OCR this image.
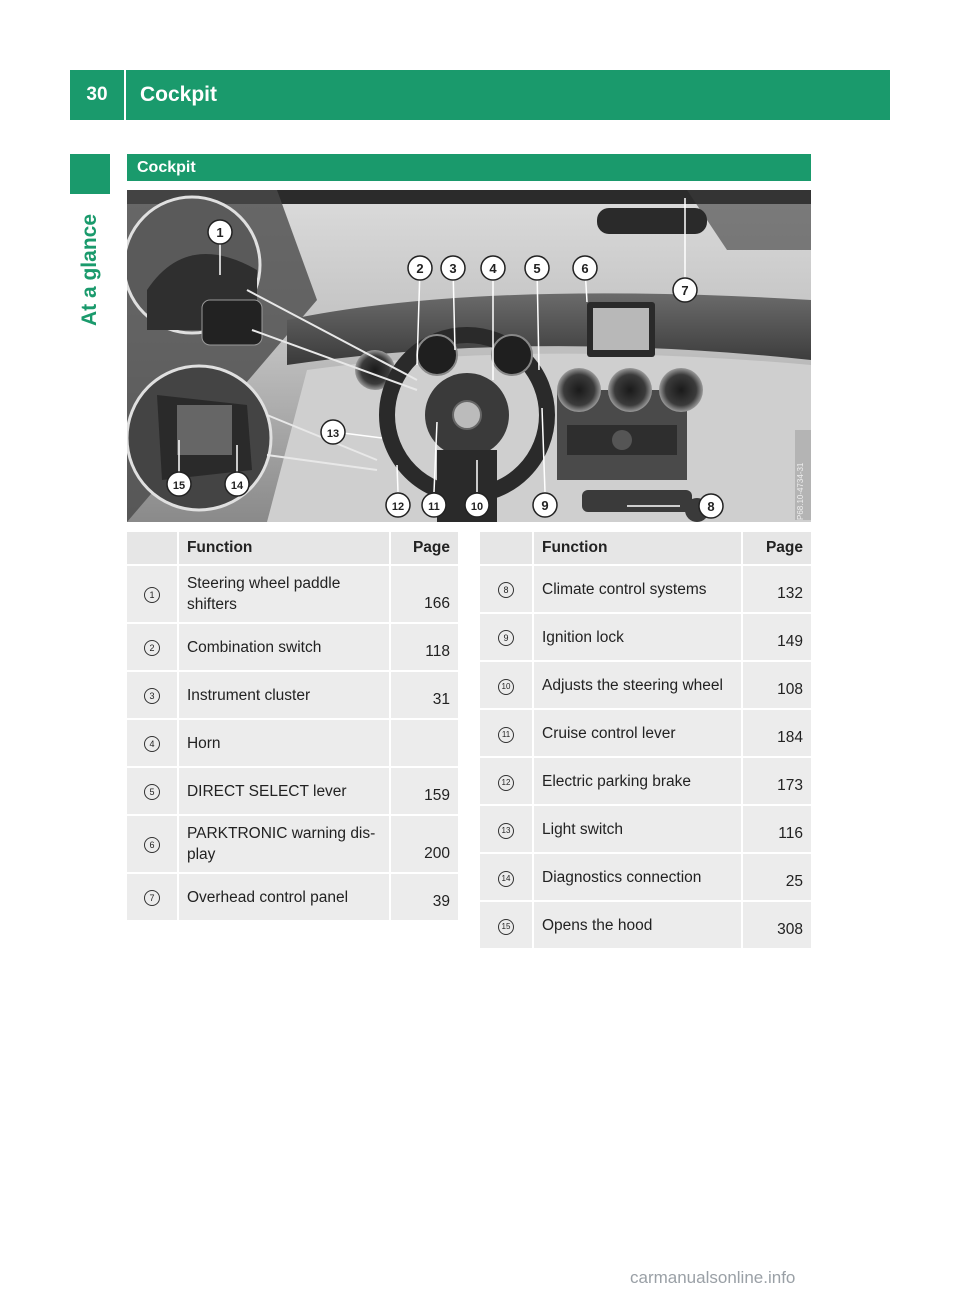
30	Cockpit
At a glance
Cockpit
P68.10-4734-31
1
2 3	4	5	6
7
8
9
10
11
12
13
14
15
	Function	Page
1	Steering wheel paddle shifters	166
2	Combination switch	118
3	Instrument cluster	31
4	Horn	
5	DIRECT SELECT lever	159
6	PARKTRONIC warning dis-play	200
7	Overhead control panel	39
	Function	Page
8	Climate control systems	132
9	Ignition lock	149
10	Adjusts the steering wheel	108
11	Cruise control lever	184
12	Electric parking brake	173
13	Light switch	116
14	Diagnostics connection	25
15	Opens the hood	308
carmanualsonline.info
